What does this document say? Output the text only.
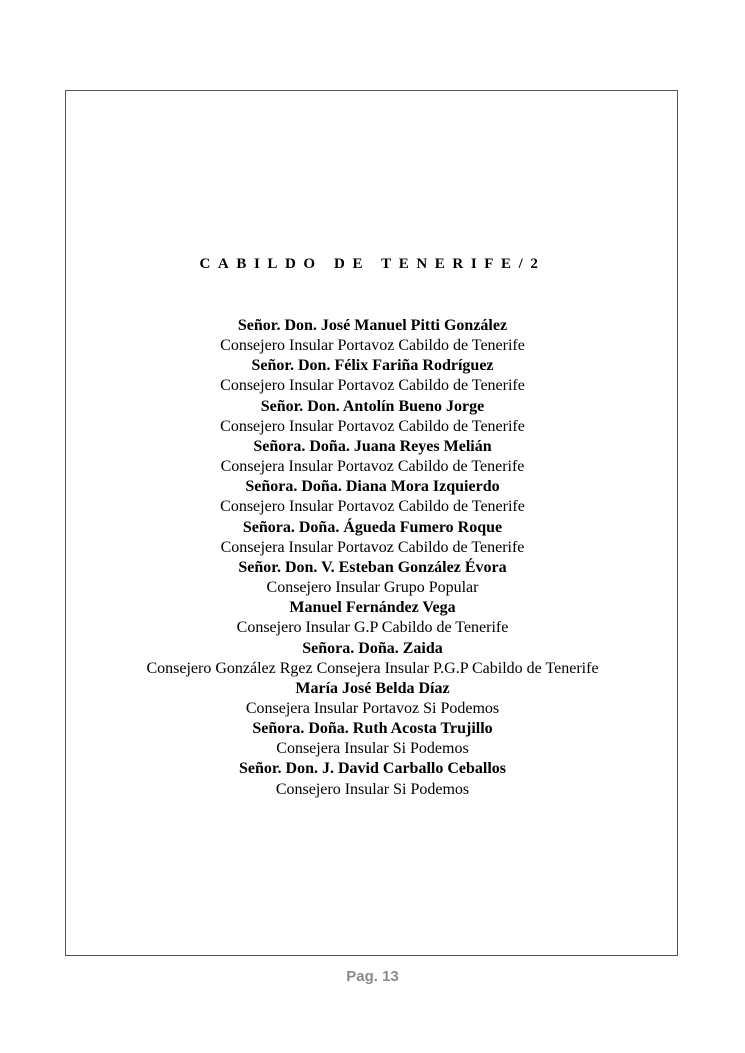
CABILDO DE TENERIFE/2
Señor. Don. José Manuel Pitti González
Consejero Insular Portavoz Cabildo de Tenerife
Señor. Don. Félix Fariña Rodríguez
Consejero Insular Portavoz Cabildo de Tenerife
Señor. Don. Antolín Bueno Jorge
Consejero Insular Portavoz Cabildo de Tenerife
Señora. Doña. Juana Reyes Melián
Consejera Insular Portavoz Cabildo de Tenerife
Señora. Doña. Diana Mora Izquierdo
Consejero Insular Portavoz Cabildo de Tenerife
Señora. Doña. Águeda Fumero Roque
Consejera Insular Portavoz Cabildo de Tenerife
Señor. Don. V. Esteban González Évora
Consejero Insular Grupo Popular
Manuel Fernández Vega
Consejero Insular G.P Cabildo de Tenerife
Señora. Doña. Zaida
Consejero González Rgez Consejera Insular P.G.P Cabildo de Tenerife
María José Belda Díaz
Consejera Insular Portavoz Si Podemos
Señora. Doña. Ruth Acosta Trujillo
Consejera Insular Si Podemos
Señor. Don. J. David Carballo Ceballos
Consejero Insular Si Podemos
Pag. 13
